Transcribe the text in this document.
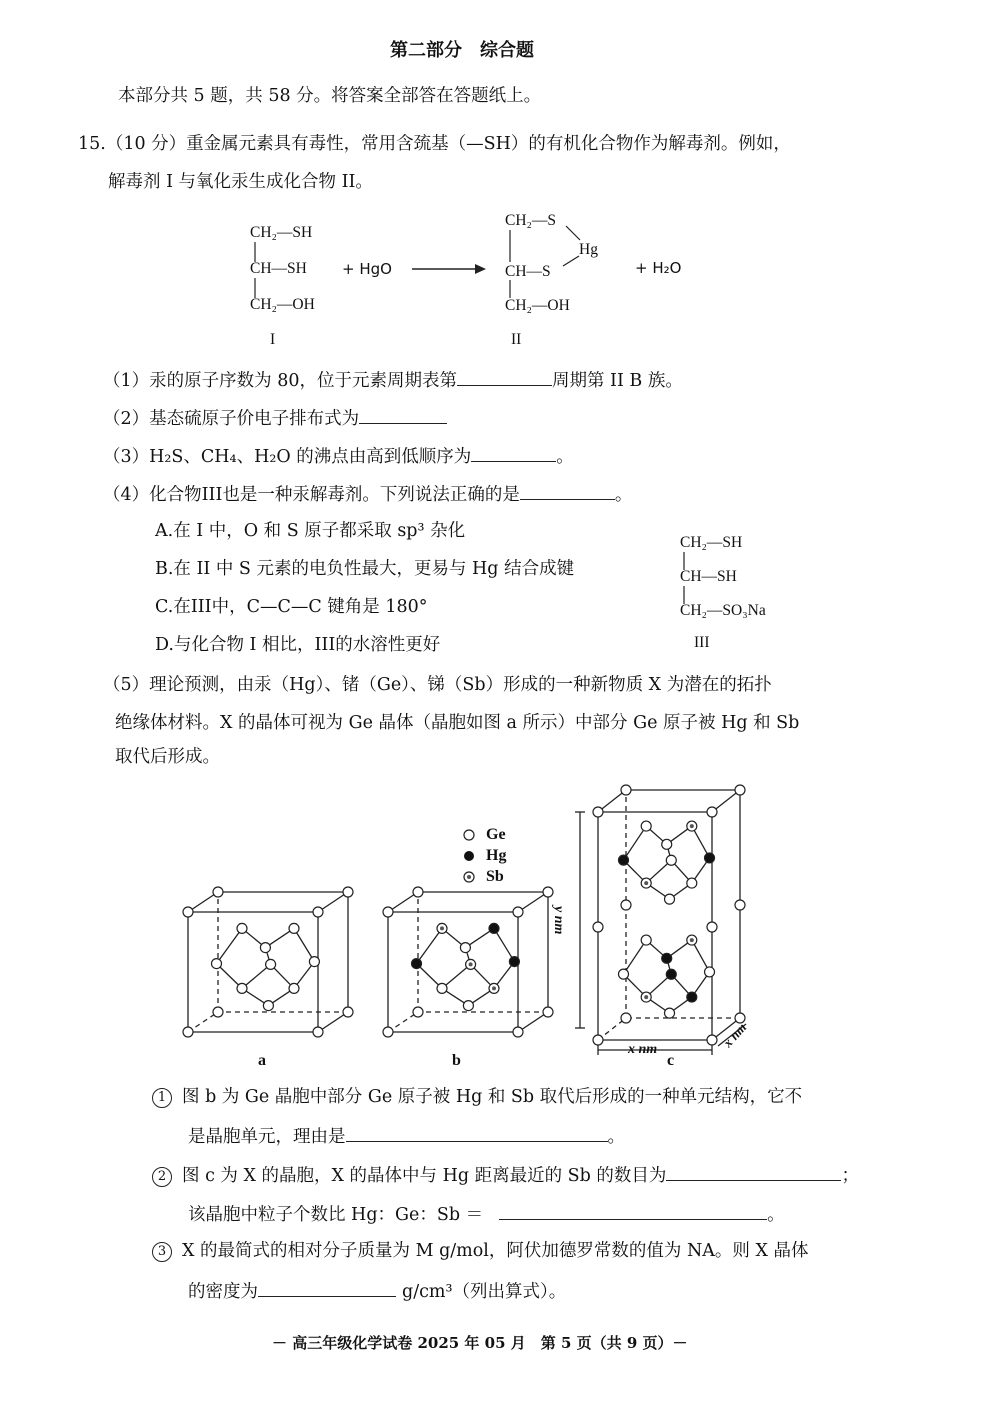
第二部分　综合题
本部分共 5 题，共 58 分。将答案全部答在答题纸上。
15.（10 分）重金属元素具有毒性，常用含巯基（—SH）的有机化合物作为解毒剂。例如，
解毒剂 I 与氧化汞生成化合物 II。
CH₂—SH
CH—SH
CH₂—OH
+ HgO
CH₂—S
Hg
CH—S
CH₂—OH
+ H₂O
I	II
（1）汞的原子序数为 80，位于元素周期表第	周期第 II B 族。
（2）基态硫原子价电子排布式为
（3）H₂S、CH₄、H₂O 的沸点由高到低顺序为	。
（4）化合物III也是一种汞解毒剂。下列说法正确的是	。
A.在 I 中，O 和 S 原子都采取 sp³ 杂化
B.在 II 中 S 元素的电负性最大，更易与 Hg 结合成键
C.在III中，C—C—C 键角是 180°
D.与化合物 I 相比，III的水溶性更好
CH₂—SH
CH—SH
CH₂—SO₃Na
III
（5）理论预测，由汞（Hg）、锗（Ge）、锑（Sb）形成的一种新物质 X 为潜在的拓扑
绝缘体材料。X 的晶体可视为 Ge 晶体（晶胞如图 a 所示）中部分 Ge 原子被 Hg 和 Sb
取代后形成。
Ge
Hg
Sb
a	b	c
y nm
x nm	x nm
1 图 b 为 Ge 晶胞中部分 Ge 原子被 Hg 和 Sb 取代后形成的一种单元结构，它不
是晶胞单元，理由是	。
2 图 c 为 X 的晶胞，X 的晶体中与 Hg 距离最近的 Sb 的数目为	；
该晶胞中粒子个数比 Hg：Ge：Sb ＝	。
3 X 的最简式的相对分子质量为 M g/mol，阿伏加德罗常数的值为 NA。则 X 晶体
的密度为	g/cm³（列出算式）。
－ 高三年级化学试卷 2025 年 05 月　第 5 页（共 9 页）－
